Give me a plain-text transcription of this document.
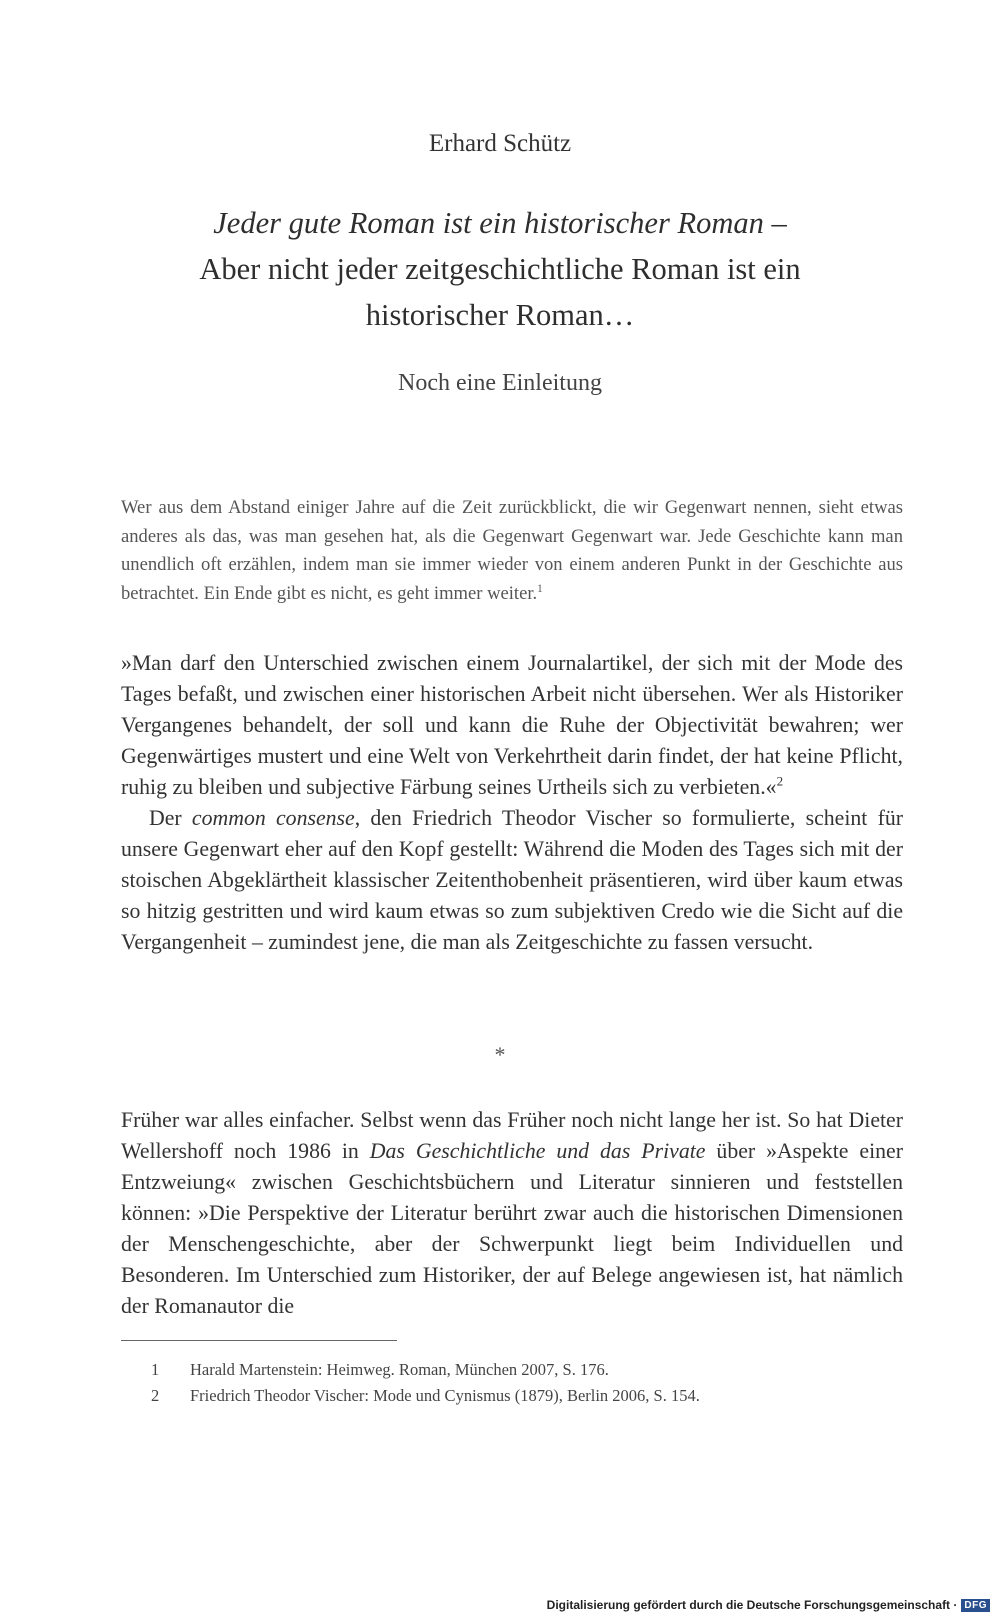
Erhard Schütz
Jeder gute Roman ist ein historischer Roman –
Aber nicht jeder zeitgeschichtliche Roman ist ein
historischer Roman…
Noch eine Einleitung
Wer aus dem Abstand einiger Jahre auf die Zeit zurückblickt, die wir Gegenwart nennen, sieht etwas anderes als das, was man gesehen hat, als die Gegenwart Gegenwart war. Jede Geschichte kann man unendlich oft erzählen, indem man sie immer wieder von einem anderen Punkt in der Geschichte aus betrachtet. Ein Ende gibt es nicht, es geht immer weiter.$^1$

»Man darf den Unterschied zwischen einem Journalartikel, der sich mit der Mode des Tages befaßt, und zwischen einer historischen Arbeit nicht übersehen. Wer als Historiker Vergangenes behandelt, der soll und kann die Ruhe der Objectivität bewahren; wer Gegenwärtiges mustert und eine Welt von Verkehrtheit darin findet, der hat keine Pflicht, ruhig zu bleiben und subjective Färbung seines Urtheils sich zu verbieten.«$^2$

Der common consense, den Friedrich Theodor Vischer so formulierte, scheint für unsere Gegenwart eher auf den Kopf gestellt: Während die Moden des Tages sich mit der stoischen Abgeklärtheit klassischer Zeitenthobenheit präsentieren, wird über kaum etwas so hitzig gestritten und wird kaum etwas so zum subjektiven Credo wie die Sicht auf die Vergangenheit – zumindest jene, die man als Zeitgeschichte zu fassen versucht.

*

Früher war alles einfacher. Selbst wenn das Früher noch nicht lange her ist. So hat Dieter Wellershoff noch 1986 in Das Geschichtliche und das Private über »Aspekte einer Entzweiung« zwischen Geschichtsbüchern und Literatur sinnieren und feststellen können: »Die Perspektive der Literatur berührt zwar auch die historischen Dimensionen der Menschengeschichte, aber der Schwerpunkt liegt beim Individuellen und Besonderen. Im Unterschied zum Historiker, der auf Belege angewiesen ist, hat nämlich der Romanautor die

1	Harald Martenstein: Heimweg. Roman, München 2007, S. 176.
2	Friedrich Theodor Vischer: Mode und Cynismus (1879), Berlin 2006, S. 154.
Digitalisierung gefördert durch die Deutsche Forschungsgemeinschaft · DFG
